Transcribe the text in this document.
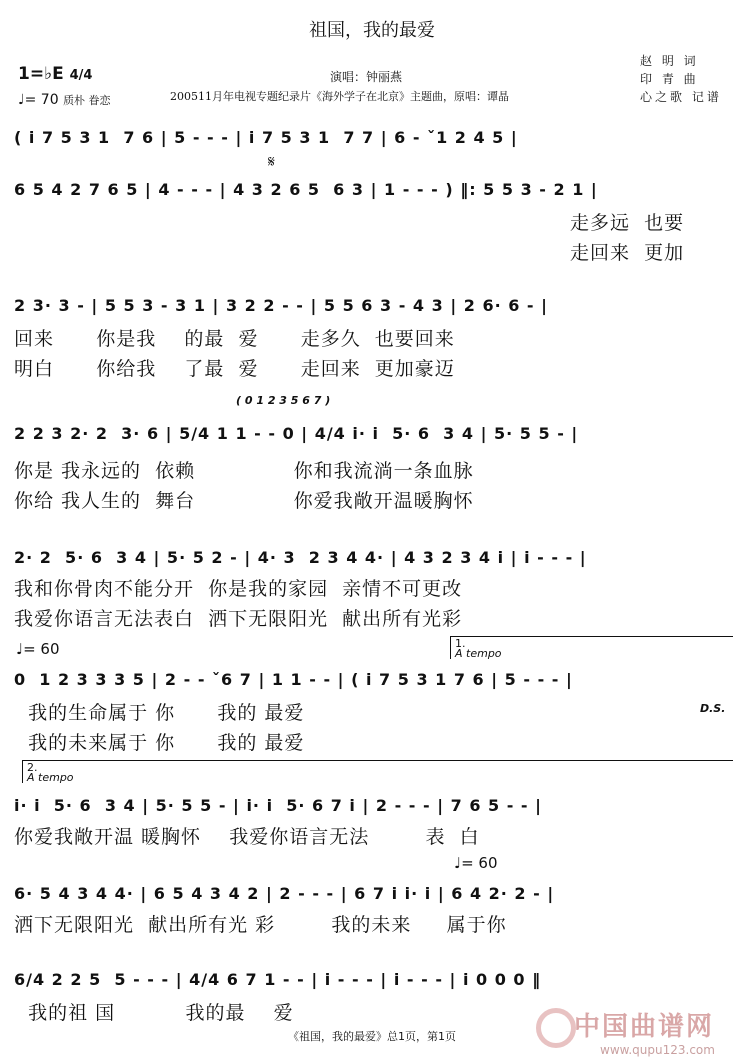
祖国，我的最爱
1=♭E 4/4
♩= 70 质朴 眷恋
演唱：钟丽燕
200511月年电视专题纪录片《海外学子在北京》主题曲，原唱：谭晶
赵 明 词
印 青 曲
心之歌 记谱
( i 7 5 3 1  7 6 | 5 - - - | i 7 5 3 1  7 7 | 6 - ˇ1 2 4 5 |
𝄋
6 5 4 2 7 6 5 | 4 - - - | 4 3 2 6 5  6 3 | 1 - - - ) ‖: 5 5 3 - 2 1 |
走多远  也要
走回来  更加
2 3· 3 - | 5 5 3 - 3 1 | 3 2 2 - - | 5 5 6 3 - 4 3 | 2 6· 6 - |
回来      你是我    的最  爱      走多久  也要回来
明白      你给我    了最  爱      走回来  更加豪迈
( 0 1 2 3 5 6 7 )
2 2 3 2· 2  3· 6 | 5/4 1 1 - - 0 | 4/4 i· i  5· 6  3 4 | 5· 5 5 - |
你是 我永远的  依赖              你和我流淌一条血脉
你给 我人生的  舞台              你爱我敞开温暖胸怀
2· 2  5· 6  3 4 | 5· 5 2 - | 4· 3  2 3 4 4· | 4 3 2 3 4 i | i - - - |
我和你骨肉不能分开  你是我的家园  亲情不可更改
我爱你语言无法表白  洒下无限阳光  献出所有光彩
♩= 60	1.
A tempo
0  1 2 3 3 3 5 | 2 - - ˇ6 7 | 1 1 - - | ( i 7 5 3 1 7 6 | 5 - - - |
D.S.
我的生命属于 你      我的 最爱
我的未来属于 你      我的 最爱
2.
A tempo
i· i  5· 6  3 4 | 5· 5 5 - | i· i  5· 6 7 i | 2 - - - | 7 6 5 - - |
你爱我敞开温 暖胸怀    我爱你语言无法        表  白
♩= 60
6· 5 4 3 4 4· | 6 5 4 3 4 2 | 2 - - - | 6 7 i i· i | 6 4 2· 2 - |
洒下无限阳光  献出所有光 彩        我的未来     属于你
6/4 2 2 5  5 - - - | 4/4 6 7 1 - - | i - - - | i - - - | i 0 0 0 ‖
我的祖 国          我的最    爱	中国曲谱网
www.qupu123.com
《祖国，我的最爱》总1页，第1页
